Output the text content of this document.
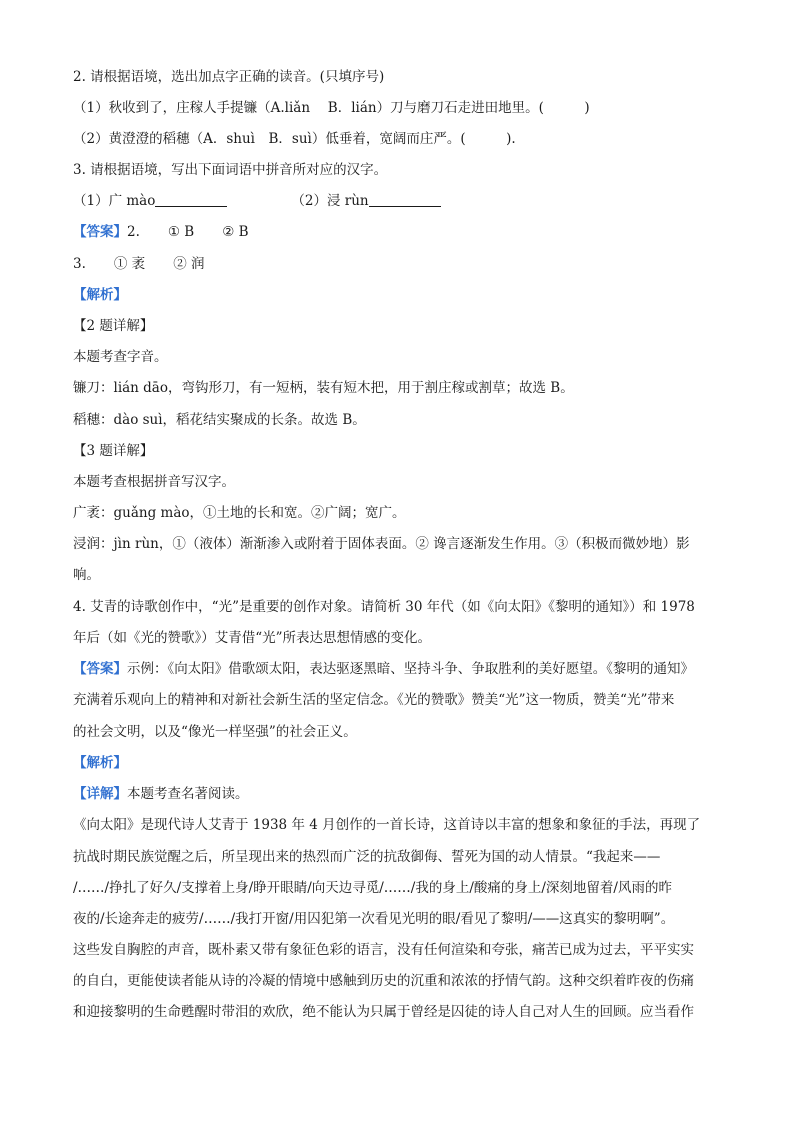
2. 请根据语境，选出加点字正确的读音。(只填序号)
（1）秋收到了，庄稼人手提镰（A.liǎn　 B．lián）刀与磨刀石走进田地里。(　　　)
（2）黄澄澄的稻穗（A．shuì　B．suì）低垂着，宽阔而庄严。(　　　).
3. 请根据语境，写出下面词语中拼音所对应的汉字。
（1）广 mào	（2）浸 rùn
【答案】2. ① B ② B
3. ① 袤 ② 润
【解析】
【2 题详解】
本题考查字音。
镰刀：lián dāo，弯钩形刀，有一短柄，装有短木把，用于割庄稼或割草；故选 B。
稻穗：dào suì，稻花结实聚成的长条。故选 B。
【3 题详解】
本题考查根据拼音写汉字。
广袤：guǎng mào，①土地的长和宽。②广阔；宽广。
浸润：jìn rùn，①（液体）渐渐渗入或附着于固体表面。② 谗言逐渐发生作用。③（积极而微妙地）影
响。
4. 艾青的诗歌创作中，“光”是重要的创作对象。请简析 30 年代（如《向太阳》《黎明的通知》）和 1978
年后（如《光的赞歌》）艾青借“光”所表达思想情感的变化。
【答案】示例：《向太阳》借歌颂太阳，表达驱逐黑暗、坚持斗争、争取胜利的美好愿望。《黎明的通知》
充满着乐观向上的精神和对新社会新生活的坚定信念。《光的赞歌》赞美“光”这一物质，赞美“光”带来
的社会文明，以及“像光一样坚强”的社会正义。
【解析】
【详解】本题考查名著阅读。
《向太阳》是现代诗人艾青于 1938 年 4 月创作的一首长诗，这首诗以丰富的想象和象征的手法，再现了
抗战时期民族觉醒之后，所呈现出来的热烈而广泛的抗敌御侮、誓死为国的动人情景。“我起来——
/……/挣扎了好久/支撑着上身/睁开眼睛/向天边寻觅/……/我的身上/酸痛的身上/深刻地留着/风雨的昨
夜的/长途奔走的疲劳/……/我打开窗/用囚犯第一次看见光明的眼/看见了黎明/——这真实的黎明啊”。
这些发自胸腔的声音，既朴素又带有象征色彩的语言，没有任何渲染和夸张，痛苦已成为过去，平平实实
的自白，更能使读者能从诗的冷凝的情境中感触到历史的沉重和浓浓的抒情气韵。这种交织着昨夜的伤痛
和迎接黎明的生命甦醒时带泪的欢欣，绝不能认为只属于曾经是囚徒的诗人自己对人生的回顾。应当看作
